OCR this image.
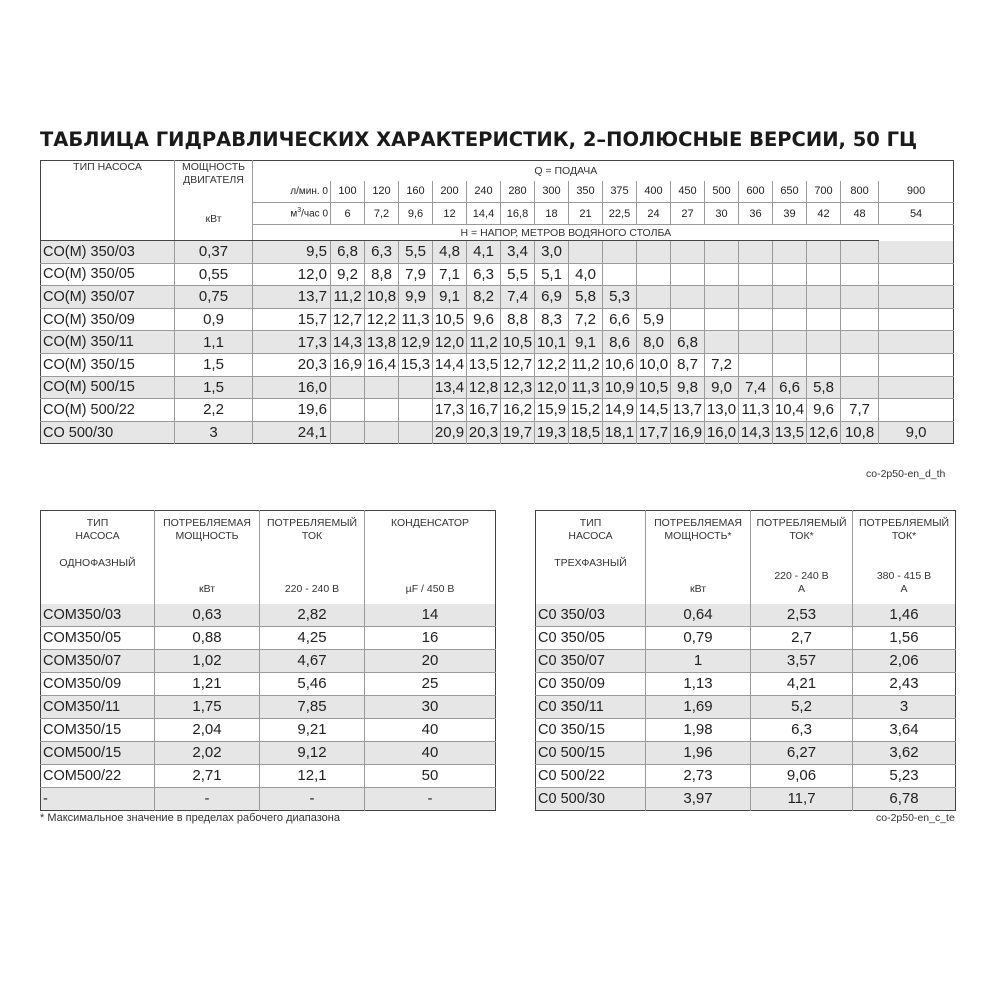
ТАБЛИЦА ГИДРАВЛИЧЕСКИХ ХАРАКТЕРИСТИК, 2–ПОЛЮСНЫЕ ВЕРСИИ, 50 ГЦ
ТИП НАСОСА	МОЩНОСТЬ
ДВИГАТЕЛЯ
кВт	Q = ПОДАЧА																	
		л/мин. 0	100	120	160	200	240	280	300	350	375	400	450	500	600	650	700	800	900
		$м^3$/час 0	6	7,2	9,6	12	14,4	16,8	18	21	22,5	24	27	30	36	39	42	48	54
		H = НАПОР, МЕТРОВ ВОДЯНОГО СТОЛБА																	
CO(M) 350/03	0,37	9,5	6,8	6,3	5,5	4,8	4,1	3,4	3,0										
CO(M) 350/05	0,55	12,0	9,2	8,8	7,9	7,1	6,3	5,5	5,1	4,0									
CO(M) 350/07	0,75	13,7	11,2	10,8	9,9	9,1	8,2	7,4	6,9	5,8	5,3								
CO(M) 350/09	0,9	15,7	12,7	12,2	11,3	10,5	9,6	8,8	8,3	7,2	6,6	5,9							
CO(M) 350/11	1,1	17,3	14,3	13,8	12,9	12,0	11,2	10,5	10,1	9,1	8,6	8,0	6,8						
CO(M) 350/15	1,5	20,3	16,9	16,4	15,3	14,4	13,5	12,7	12,2	11,2	10,6	10,0	8,7	7,2					
CO(M) 500/15	1,5	16,0				13,4	12,8	12,3	12,0	11,3	10,9	10,5	9,8	9,0	7,4	6,6	5,8		
CO(M) 500/22	2,2	19,6				17,3	16,7	16,2	15,9	15,2	14,9	14,5	13,7	13,0	11,3	10,4	9,6	7,7	
CO 500/30	3	24,1				20,9	20,3	19,7	19,3	18,5	18,1	17,7	16,9	16,0	14,3	13,5	12,6	10,8	9,0
co-2p50-en_d_th
ТИП
НАСОСА
ОДНОФАЗНЫЙ	ПОТРЕБЛЯЕМАЯ
МОЩНОСТЬ
кВт	ПОТРЕБЛЯЕМЫЙ
ТОК
220 - 240 В	КОНДЕНСАТОР
µF / 450 В

COM350/03	0,63	2,82	14
COM350/05	0,88	4,25	16
COM350/07	1,02	4,67	20
COM350/09	1,21	5,46	25
COM350/11	1,75	7,85	30
COM350/15	2,04	9,21	40
COM500/15	2,02	9,12	40
COM500/22	2,71	12,1	50
-	-	-	-
ТИП
НАСОСА
ТРЕХФАЗНЫЙ	ПОТРЕБЛЯЕМАЯ
МОЩНОСТЬ*
кВт	ПОТРЕБЛЯЕМЫЙ
ТОК*
220 - 240 В
А	ПОТРЕБЛЯЕМЫЙ
ТОК*
380 - 415 В
А

C0 350/03	0,64	2,53	1,46
C0 350/05	0,79	2,7	1,56
C0 350/07	1	3,57	2,06
C0 350/09	1,13	4,21	2,43
C0 350/11	1,69	5,2	3
C0 350/15	1,98	6,3	3,64
C0 500/15	1,96	6,27	3,62
C0 500/22	2,73	9,06	5,23
C0 500/30	3,97	11,7	6,78
co-2p50-en_c_te
* Максимальное значение в пределах рабочего диапазона
